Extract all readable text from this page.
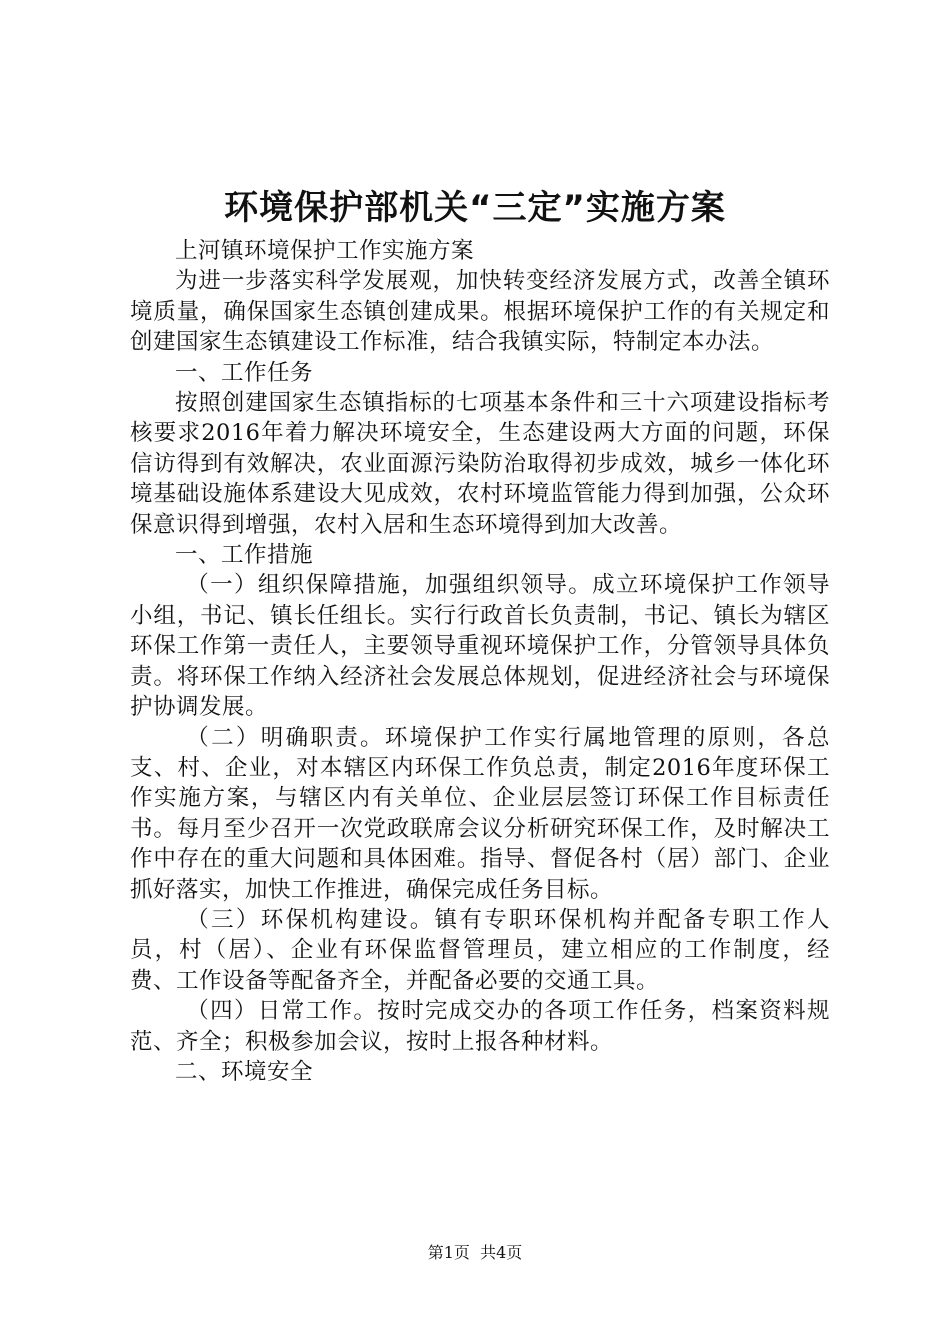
环境保护部机关“三定”实施方案

上河镇环境保护工作实施方案

为进一步落实科学发展观，加快转变经济发展方式，改善全镇环境质量，确保国家生态镇创建成果。根据环境保护工作的有关规定和创建国家生态镇建设工作标准，结合我镇实际，特制定本办法。

一、工作任务

按照创建国家生态镇指标的七项基本条件和三十六项建设指标考核要求2016年着力解决环境安全，生态建设两大方面的问题，环保信访得到有效解决，农业面源污染防治取得初步成效，城乡一体化环境基础设施体系建设大见成效，农村环境监管能力得到加强，公众环保意识得到增强，农村入居和生态环境得到加大改善。

一、工作措施

（一）组织保障措施，加强组织领导。成立环境保护工作领导小组，书记、镇长任组长。实行行政首长负责制，书记、镇长为辖区环保工作第一责任人，主要领导重视环境保护工作，分管领导具体负责。将环保工作纳入经济社会发展总体规划，促进经济社会与环境保护协调发展。

（二）明确职责。环境保护工作实行属地管理的原则，各总支、村、企业，对本辖区内环保工作负总责，制定2016年度环保工作实施方案，与辖区内有关单位、企业层层签订环保工作目标责任书。每月至少召开一次党政联席会议分析研究环保工作，及时解决工作中存在的重大问题和具体困难。指导、督促各村（居）部门、企业抓好落实，加快工作推进，确保完成任务目标。

（三）环保机构建设。镇有专职环保机构并配备专职工作人员，村（居）、企业有环保监督管理员，建立相应的工作制度，经费、工作设备等配备齐全，并配备必要的交通工具。

（四）日常工作。按时完成交办的各项工作任务，档案资料规范、齐全；积极参加会议，按时上报各种材料。

二、环境安全

第1页  共4页
